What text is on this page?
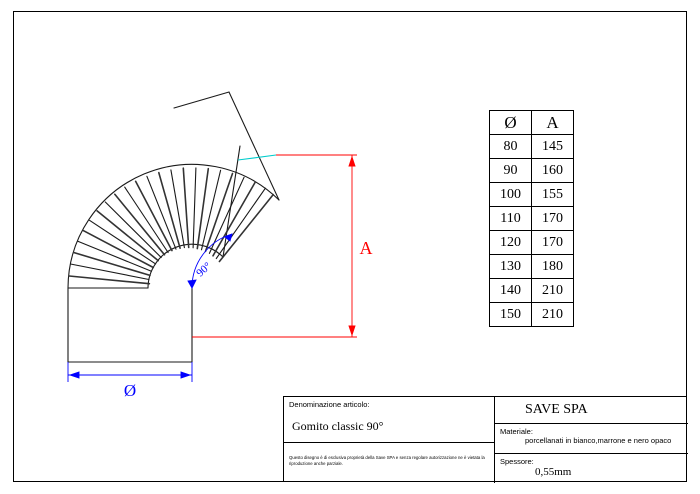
A
Ø
90°
Ø	A
80	145
90	160
100	155
110	170
120	170
130	180
140	210
150	210
Denominazione articolo:
Gomito classic 90°
Questo disegno è di esclusiva proprietà della Save SPA e senza regolare autorizzazione ne è vietata la riproduzione anche parziale.
SAVE SPA
Materiale:
porcellanati in bianco,marrone e nero opaco
Spessore:
0,55mm
